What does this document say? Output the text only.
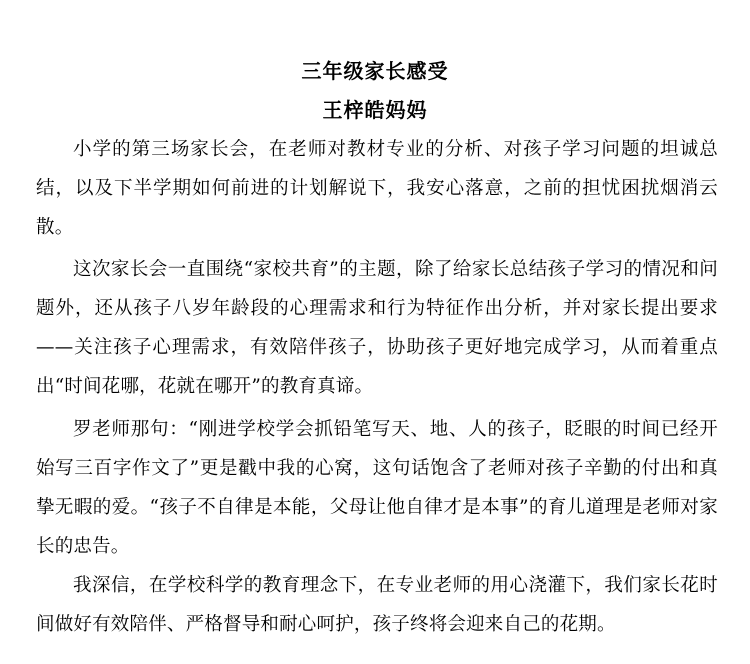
三年级家长感受
王梓皓妈妈

小学的第三场家长会，在老师对教材专业的分析、对孩子学习问题的坦诚总结，以及下半学期如何前进的计划解说下，我安心落意，之前的担忧困扰烟消云散。

这次家长会一直围绕“家校共育”的主题，除了给家长总结孩子学习的情况和问题外，还从孩子八岁年龄段的心理需求和行为特征作出分析，并对家长提出要求——关注孩子心理需求，有效陪伴孩子，协助孩子更好地完成学习，从而着重点出“时间花哪，花就在哪开”的教育真谛。

罗老师那句：“刚进学校学会抓铅笔写天、地、人的孩子，眨眼的时间已经开始写三百字作文了”更是戳中我的心窝，这句话饱含了老师对孩子辛勤的付出和真挚无暇的爱。“孩子不自律是本能，父母让他自律才是本事”的育儿道理是老师对家长的忠告。

我深信，在学校科学的教育理念下，在专业老师的用心浇灌下，我们家长花时间做好有效陪伴、严格督导和耐心呵护，孩子终将会迎来自己的花期。
